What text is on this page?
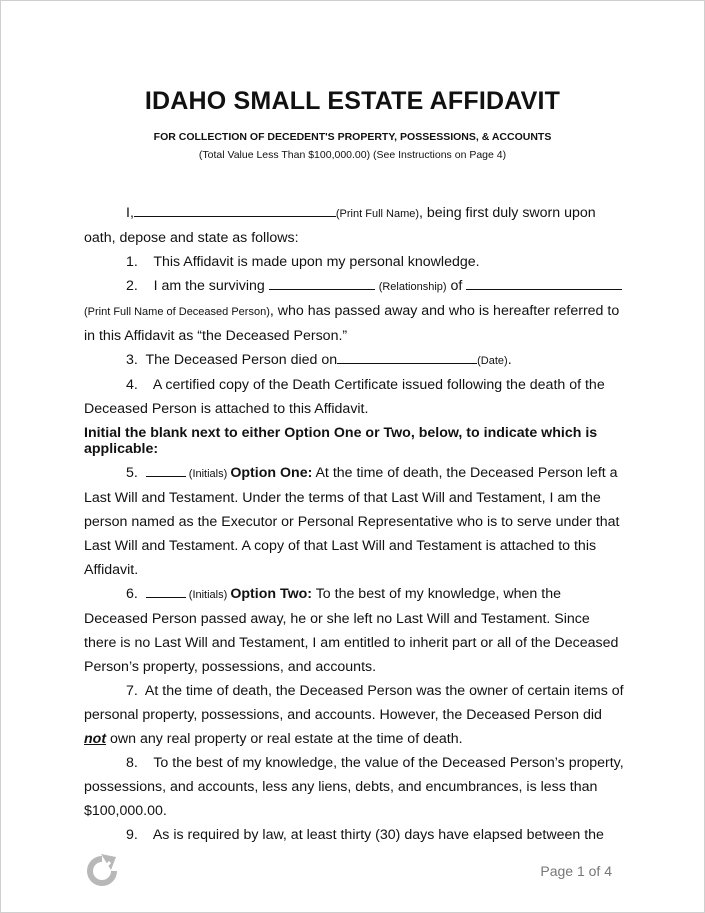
IDAHO SMALL ESTATE AFFIDAVIT
FOR COLLECTION OF DECEDENT'S PROPERTY, POSSESSIONS, & ACCOUNTS
(Total Value Less Than $100,000.00) (See Instructions on Page 4)

I,	(Print Full Name), being first duly sworn upon oath, depose and state as follows:

1.    This Affidavit is made upon my personal knowledge.

2.    I am the surviving	(Relationship) of  (Print Full Name of Deceased Person), who has passed away and who is hereafter referred to in this Affidavit as “the Deceased Person.”

3.  The Deceased Person died on	(Date).

4.    A certified copy of the Death Certificate issued following the death of the Deceased Person is attached to this Affidavit.

Initial the blank next to either Option One or Two, below, to indicate which is applicable:

5.	(Initials) Option One: At the time of death, the Deceased Person left a Last Will and Testament. Under the terms of that Last Will and Testament, I am the person named as the Executor or Personal Representative who is to serve under that Last Will and Testament. A copy of that Last Will and Testament is attached to this Affidavit.

6.	(Initials) Option Two: To the best of my knowledge, when the Deceased Person passed away, he or she left no Last Will and Testament. Since there is no Last Will and Testament, I am entitled to inherit part or all of the Deceased Person’s property, possessions, and accounts.

7.  At the time of death, the Deceased Person was the owner of certain items of personal property, possessions, and accounts. However, the Deceased Person did not own any real property or real estate at the time of death.

8.    To the best of my knowledge, the value of the Deceased Person’s property, possessions, and accounts, less any liens, debts, and encumbrances, is less than $100,000.00.

9.    As is required by law, at least thirty (30) days have elapsed between the

Page 1 of 4
